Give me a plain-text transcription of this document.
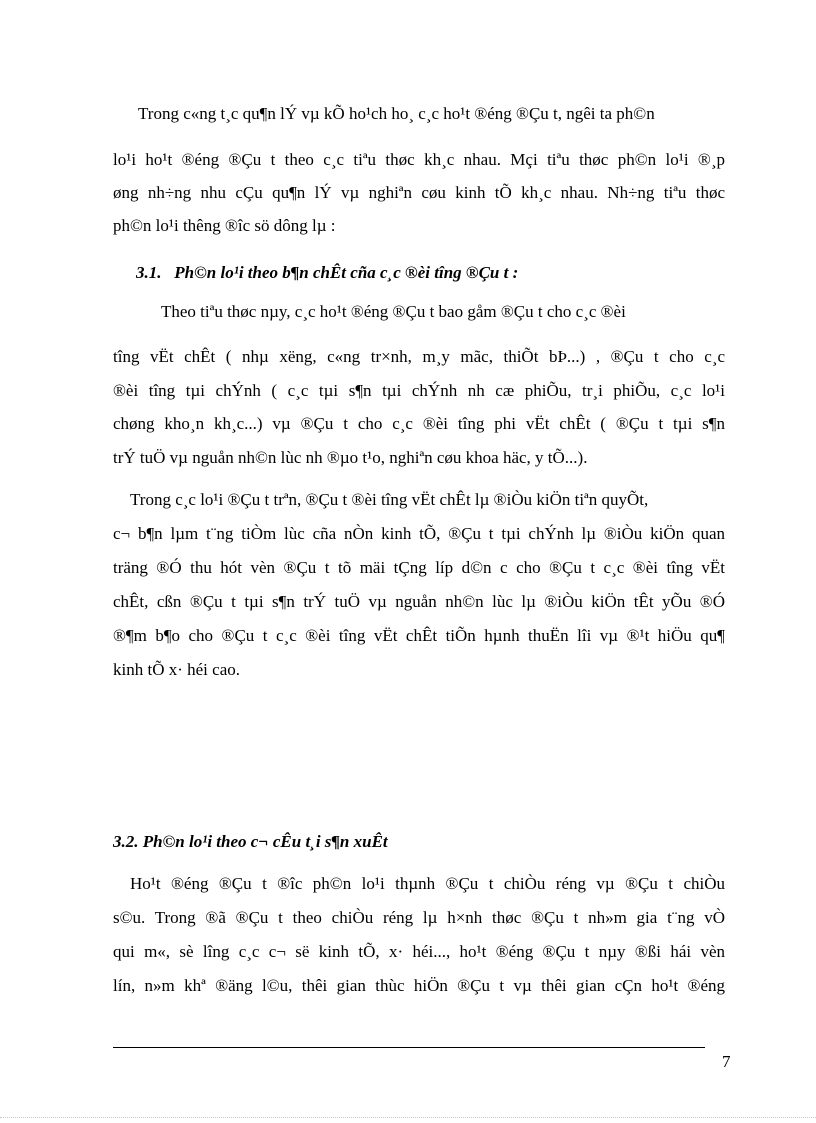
Trong c«ng t¸c qu¶n lÝ vµ kÕ ho¹ch ho¸ c¸c ho¹t ®éng ®Çu t, ngêi ta ph©n
lo¹i ho¹t ®éng ®Çu t theo c¸c tiªu thøc kh¸c nhau. Mçi tiªu thøc ph©n lo¹i ®¸p
øng nh÷ng nhu cÇu qu¶n lÝ vµ nghiªn cøu kinh tÕ kh¸c nhau. Nh÷ng tiªu thøc
ph©n lo¹i thêng ®îc sö dông lµ :
3.1.   Ph©n lo¹i theo b¶n chÊt cña c¸c ®èi tîng ®Çu t :
Theo tiªu thøc nµy, c¸c ho¹t ®éng ®Çu t bao gåm ®Çu t cho c¸c ®èi
tîng vËt chÊt ( nhµ xëng, c«ng tr×nh, m¸y mãc, thiÕt bÞ...) , ®Çu t cho c¸c
®èi tîng tµi chÝnh ( c¸c tµi s¶n tµi chÝnh nh cæ phiÕu, tr¸i phiÕu, c¸c lo¹i
chøng kho¸n kh¸c...) vµ ®Çu t cho c¸c ®èi tîng phi vËt chÊt ( ®Çu t tµi s¶n
trÝ tuÖ vµ nguån nh©n lùc nh ®µo t¹o, nghiªn cøu khoa häc, y tÕ...).
Trong c¸c lo¹i ®Çu t trªn, ®Çu t ®èi tîng vËt chÊt lµ ®iÒu kiÖn tiªn quyÕt,
c¬ b¶n lµm t¨ng tiÒm lùc cña nÒn kinh tÕ, ®Çu t tµi chÝnh lµ ®iÒu kiÖn quan
träng ®Ó thu hót vèn ®Çu t tõ mäi tÇng líp d©n c cho ®Çu t c¸c ®èi tîng vËt
chÊt, cßn ®Çu t tµi s¶n trÝ tuÖ vµ nguån nh©n lùc lµ ®iÒu kiÖn tÊt yÕu ®Ó
®¶m b¶o cho ®Çu t c¸c ®èi tîng vËt chÊt tiÕn hµnh thuËn lîi vµ ®¹t hiÖu qu¶
kinh tÕ x· héi cao.
3.2. Ph©n lo¹i theo c¬ cÊu t¸i s¶n xuÊt
Ho¹t ®éng ®Çu t ®îc ph©n lo¹i thµnh ®Çu t chiÒu réng vµ ®Çu t chiÒu
s©u. Trong ®ã ®Çu t theo chiÒu réng lµ h×nh thøc ®Çu t nh»m gia t¨ng vÒ
qui m«, sè lîng c¸c c¬ së kinh tÕ, x· héi..., ho¹t ®éng ®Çu t nµy ®ßi hái vèn
lín, n»m khª ®äng l©u, thêi gian thùc hiÖn ®Çu t vµ thêi gian cÇn ho¹t ®éng
7
